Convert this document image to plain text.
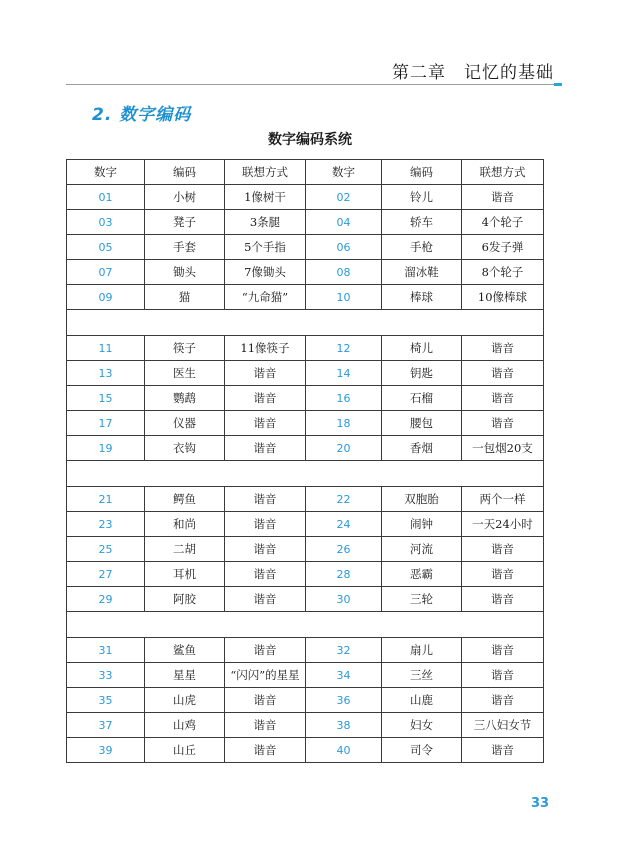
第二章　记忆的基础
2. 数字编码
数字编码系统
数字	编码	联想方式	数字	编码	联想方式
01	小树	1像树干	02	铃儿	谐音
03	凳子	3条腿	04	轿车	4个轮子
05	手套	5个手指	06	手枪	6发子弹
07	锄头	7像锄头	08	溜冰鞋	8个轮子
09	猫	“九命猫”	10	棒球	10像棒球

11	筷子	11像筷子	12	椅儿	谐音
13	医生	谐音	14	钥匙	谐音
15	鹦鹉	谐音	16	石榴	谐音
17	仪器	谐音	18	腰包	谐音
19	衣钩	谐音	20	香烟	一包烟20支

21	鳄鱼	谐音	22	双胞胎	两个一样
23	和尚	谐音	24	闹钟	一天24小时
25	二胡	谐音	26	河流	谐音
27	耳机	谐音	28	恶霸	谐音
29	阿胶	谐音	30	三轮	谐音

31	鲨鱼	谐音	32	扇儿	谐音
33	星星	“闪闪”的星星	34	三丝	谐音
35	山虎	谐音	36	山鹿	谐音
37	山鸡	谐音	38	妇女	三八妇女节
39	山丘	谐音	40	司令	谐音
33
